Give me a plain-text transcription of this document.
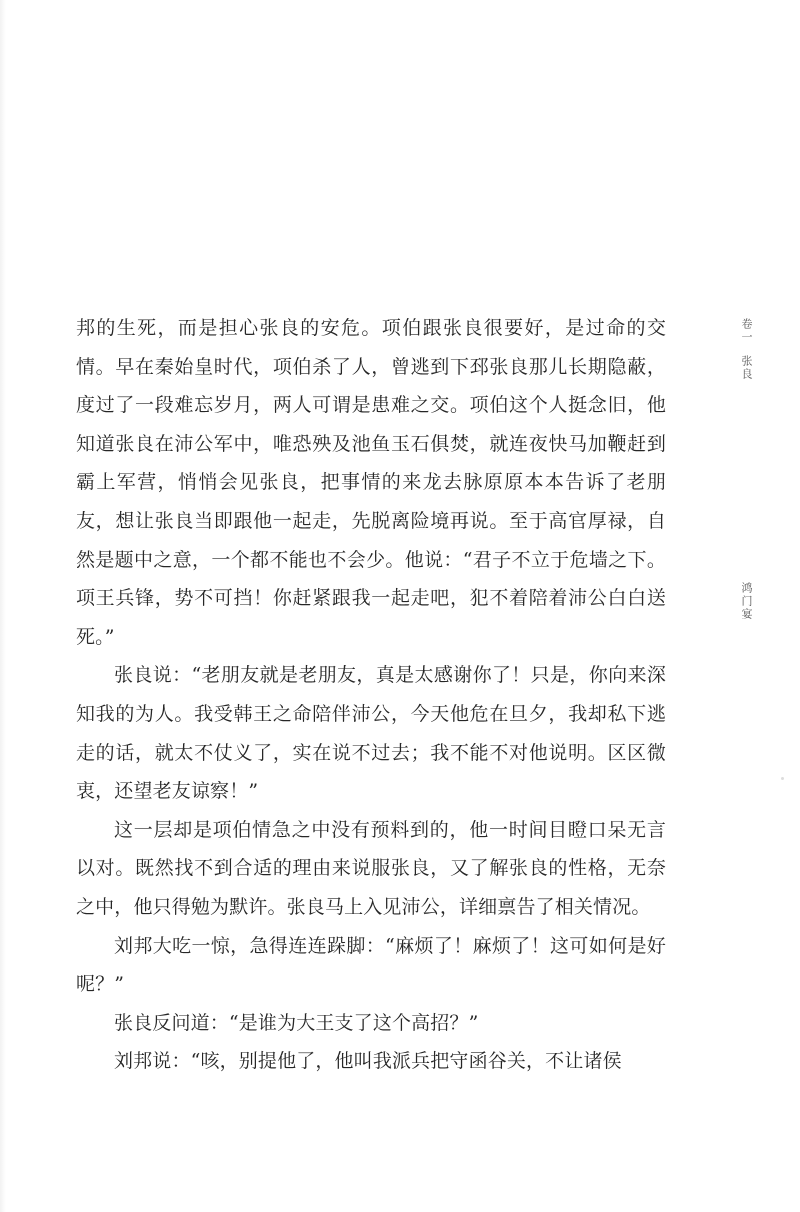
邦的生死，而是担心张良的安危。项伯跟张良很要好，是过命的交情。早在秦始皇时代，项伯杀了人，曾逃到下邳张良那儿长期隐蔽，度过了一段难忘岁月，两人可谓是患难之交。项伯这个人挺念旧，他知道张良在沛公军中，唯恐殃及池鱼玉石俱焚，就连夜快马加鞭赶到霸上军营，悄悄会见张良，把事情的来龙去脉原原本本告诉了老朋友，想让张良当即跟他一起走，先脱离险境再说。至于高官厚禄，自然是题中之意，一个都不能也不会少。他说：“君子不立于危墙之下。项王兵锋，势不可挡！你赶紧跟我一起走吧，犯不着陪着沛公白白送死。”

张良说：“老朋友就是老朋友，真是太感谢你了！只是，你向来深知我的为人。我受韩王之命陪伴沛公，今天他危在旦夕，我却私下逃走的话，就太不仗义了，实在说不过去；我不能不对他说明。区区微衷，还望老友谅察！”

这一层却是项伯情急之中没有预料到的，他一时间目瞪口呆无言以对。既然找不到合适的理由来说服张良，又了解张良的性格，无奈之中，他只得勉为默许。张良马上入见沛公，详细禀告了相关情况。

刘邦大吃一惊，急得连连跺脚：“麻烦了！麻烦了！这可如何是好呢？”

张良反问道：“是谁为大王支了这个高招？”

刘邦说：“咳，别提他了，他叫我派兵把守函谷关，不让诸侯

卷一
张良
鸿门宴
